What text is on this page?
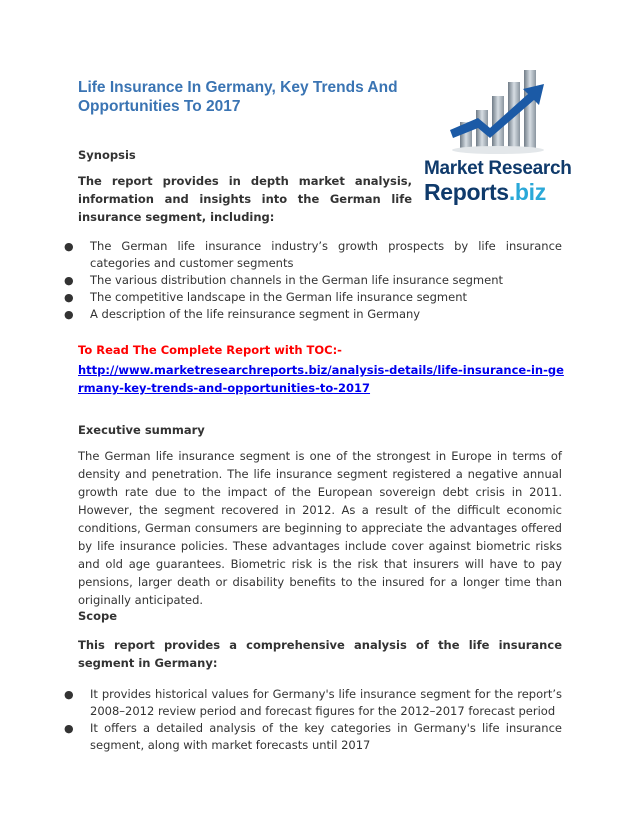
Life Insurance In Germany, Key Trends And Opportunities To 2017
Market Research
Reports.biz
Synopsis
The report provides in depth market analysis, information and insights into the German life insurance segment, including:
● The German life insurance industry’s growth prospects by life insurance categories and customer segments
● The various distribution channels in the German life insurance segment
● The competitive landscape in the German life insurance segment
● A description of the life reinsurance segment in Germany
To Read The Complete Report with TOC:-
http://www.marketresearchreports.biz/analysis-details/life-insurance-in-germany-key-trends-and-opportunities-to-2017
Executive summary
The German life insurance segment is one of the strongest in Europe in terms of density and penetration. The life insurance segment registered a negative annual growth rate due to the impact of the European sovereign debt crisis in 2011. However, the segment recovered in 2012. As a result of the difficult economic conditions, German consumers are beginning to appreciate the advantages offered by life insurance policies. These advantages include cover against biometric risks and old age guarantees. Biometric risk is the risk that insurers will have to pay pensions, larger death or disability benefits to the insured for a longer time than originally anticipated.
Scope
This report provides a comprehensive analysis of the life insurance segment in Germany:
● It provides historical values for Germany's life insurance segment for the report’s 2008–2012 review period and forecast figures for the 2012–2017 forecast period
● It offers a detailed analysis of the key categories in Germany's life insurance segment, along with market forecasts until 2017
